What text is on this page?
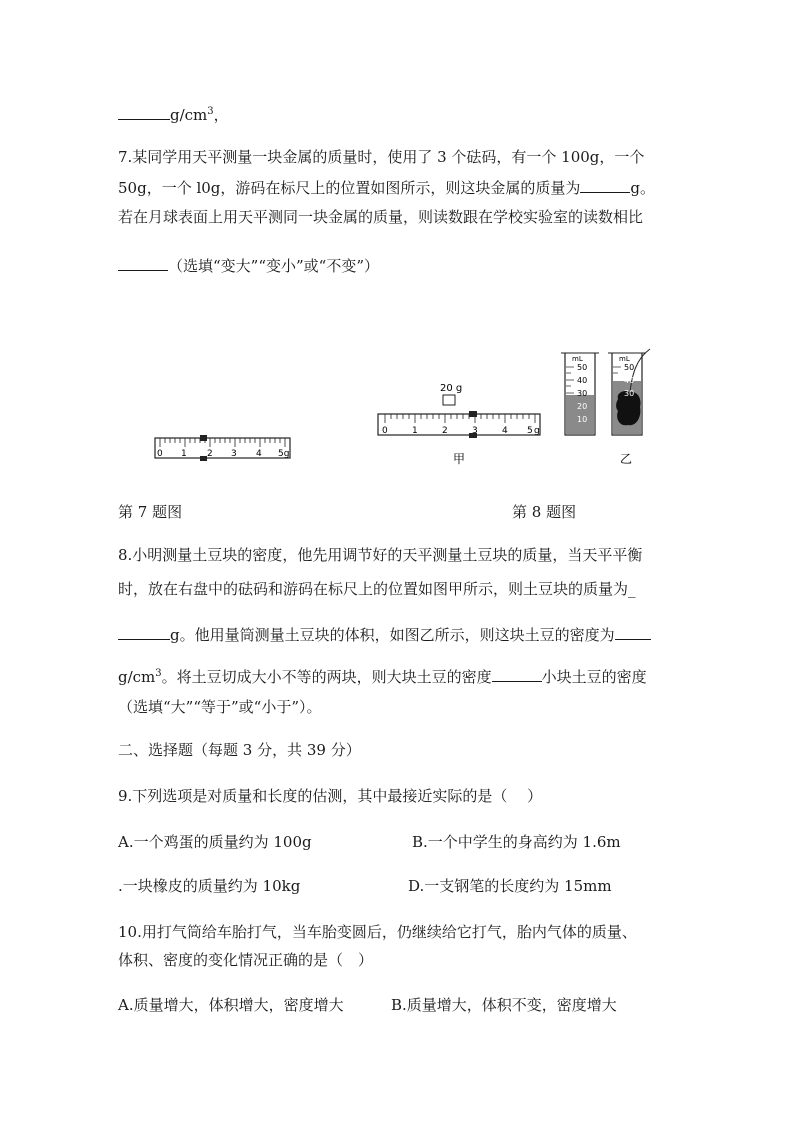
$g/cm^3$，
7.某同学用天平测量一块金属的质量时，使用了 3 个砝码，有一个 100g，一个
50g，一个 l0g，游码在标尺上的位置如图所示，则这块金属的质量为	g。
若在月球表面上用天平测同一块金属的质量，则读数跟在学校实验室的读数相比
（选填“变大”“变小”或“不变”）
0 1 2 3 4 5g
20 g
0	1	2	3	4 5 g
甲
mL
50
40
30
20
10
mL
50
40
30
乙
第 7 题图	第 8 题图
8.小明测量土豆块的密度，他先用调节好的天平测量土豆块的质量，当天平平衡
时，放在右盘中的砝码和游码在标尺上的位置如图甲所示，则土豆块的质量为_
g。他用量筒测量土豆块的体积，如图乙所示，则这块土豆的密度为
$g/cm^3$。将土豆切成大小不等的两块，则大块土豆的密度	小块土豆的密度
（选填“大”“等于”或“小于”）。
二、选择题（每题 3 分，共 39 分）
9.下列选项是对质量和长度的估测，其中最接近实际的是（　 ）
A.一个鸡蛋的质量约为 100g	B.一个中学生的身高约为 1.6m
.一块橡皮的质量约为 10kg	D.一支钢笔的长度约为 15mm
10.用打气筒给车胎打气，当车胎变圆后，仍继续给它打气，胎内气体的质量、
体积、密度的变化情况正确的是（　）
A.质量增大，体积增大，密度增大	B.质量增大，体积不变，密度增大
